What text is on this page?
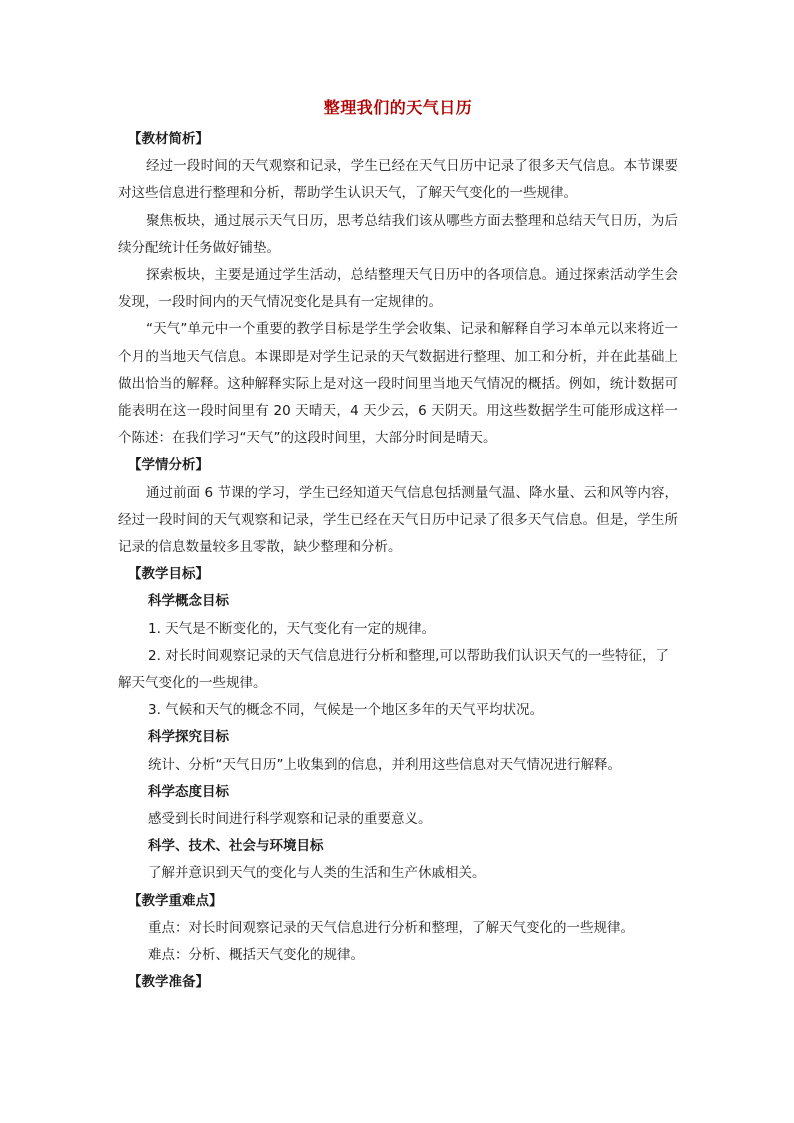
整理我们的天气日历

【教材简析】

经过一段时间的天气观察和记录，学生已经在天气日历中记录了很多天气信息。本节课要对这些信息进行整理和分析，帮助学生认识天气，了解天气变化的一些规律。

聚焦板块，通过展示天气日历，思考总结我们该从哪些方面去整理和总结天气日历，为后续分配统计任务做好铺垫。

探索板块，主要是通过学生活动，总结整理天气日历中的各项信息。通过探索活动学生会发现，一段时间内的天气情况变化是具有一定规律的。

“天气”单元中一个重要的教学目标是学生学会收集、记录和解释自学习本单元以来将近一个月的当地天气信息。本课即是对学生记录的天气数据进行整理、加工和分析，并在此基础上做出恰当的解释。这种解释实际上是对这一段时间里当地天气情况的概括。例如，统计数据可能表明在这一段时间里有 20 天晴天，4 天少云，6 天阴天。用这些数据学生可能形成这样一个陈述：在我们学习“天气”的这段时间里，大部分时间是晴天。

【学情分析】

通过前面 6 节课的学习，学生已经知道天气信息包括测量气温、降水量、云和风等内容，经过一段时间的天气观察和记录，学生已经在天气日历中记录了很多天气信息。但是，学生所记录的信息数量较多且零散，缺少整理和分析。

【教学目标】

科学概念目标

1. 天气是不断变化的，天气变化有一定的规律。

2. 对长时间观察记录的天气信息进行分析和整理,可以帮助我们认识天气的一些特征，了解天气变化的一些规律。

3. 气候和天气的概念不同，气候是一个地区多年的天气平均状况。

科学探究目标

统计、分析“天气日历”上收集到的信息，并利用这些信息对天气情况进行解释。

科学态度目标

感受到长时间进行科学观察和记录的重要意义。

科学、技术、社会与环境目标

了解并意识到天气的变化与人类的生活和生产休戚相关。

【教学重难点】

重点：对长时间观察记录的天气信息进行分析和整理，了解天气变化的一些规律。

难点：分析、概括天气变化的规律。

【教学准备】
